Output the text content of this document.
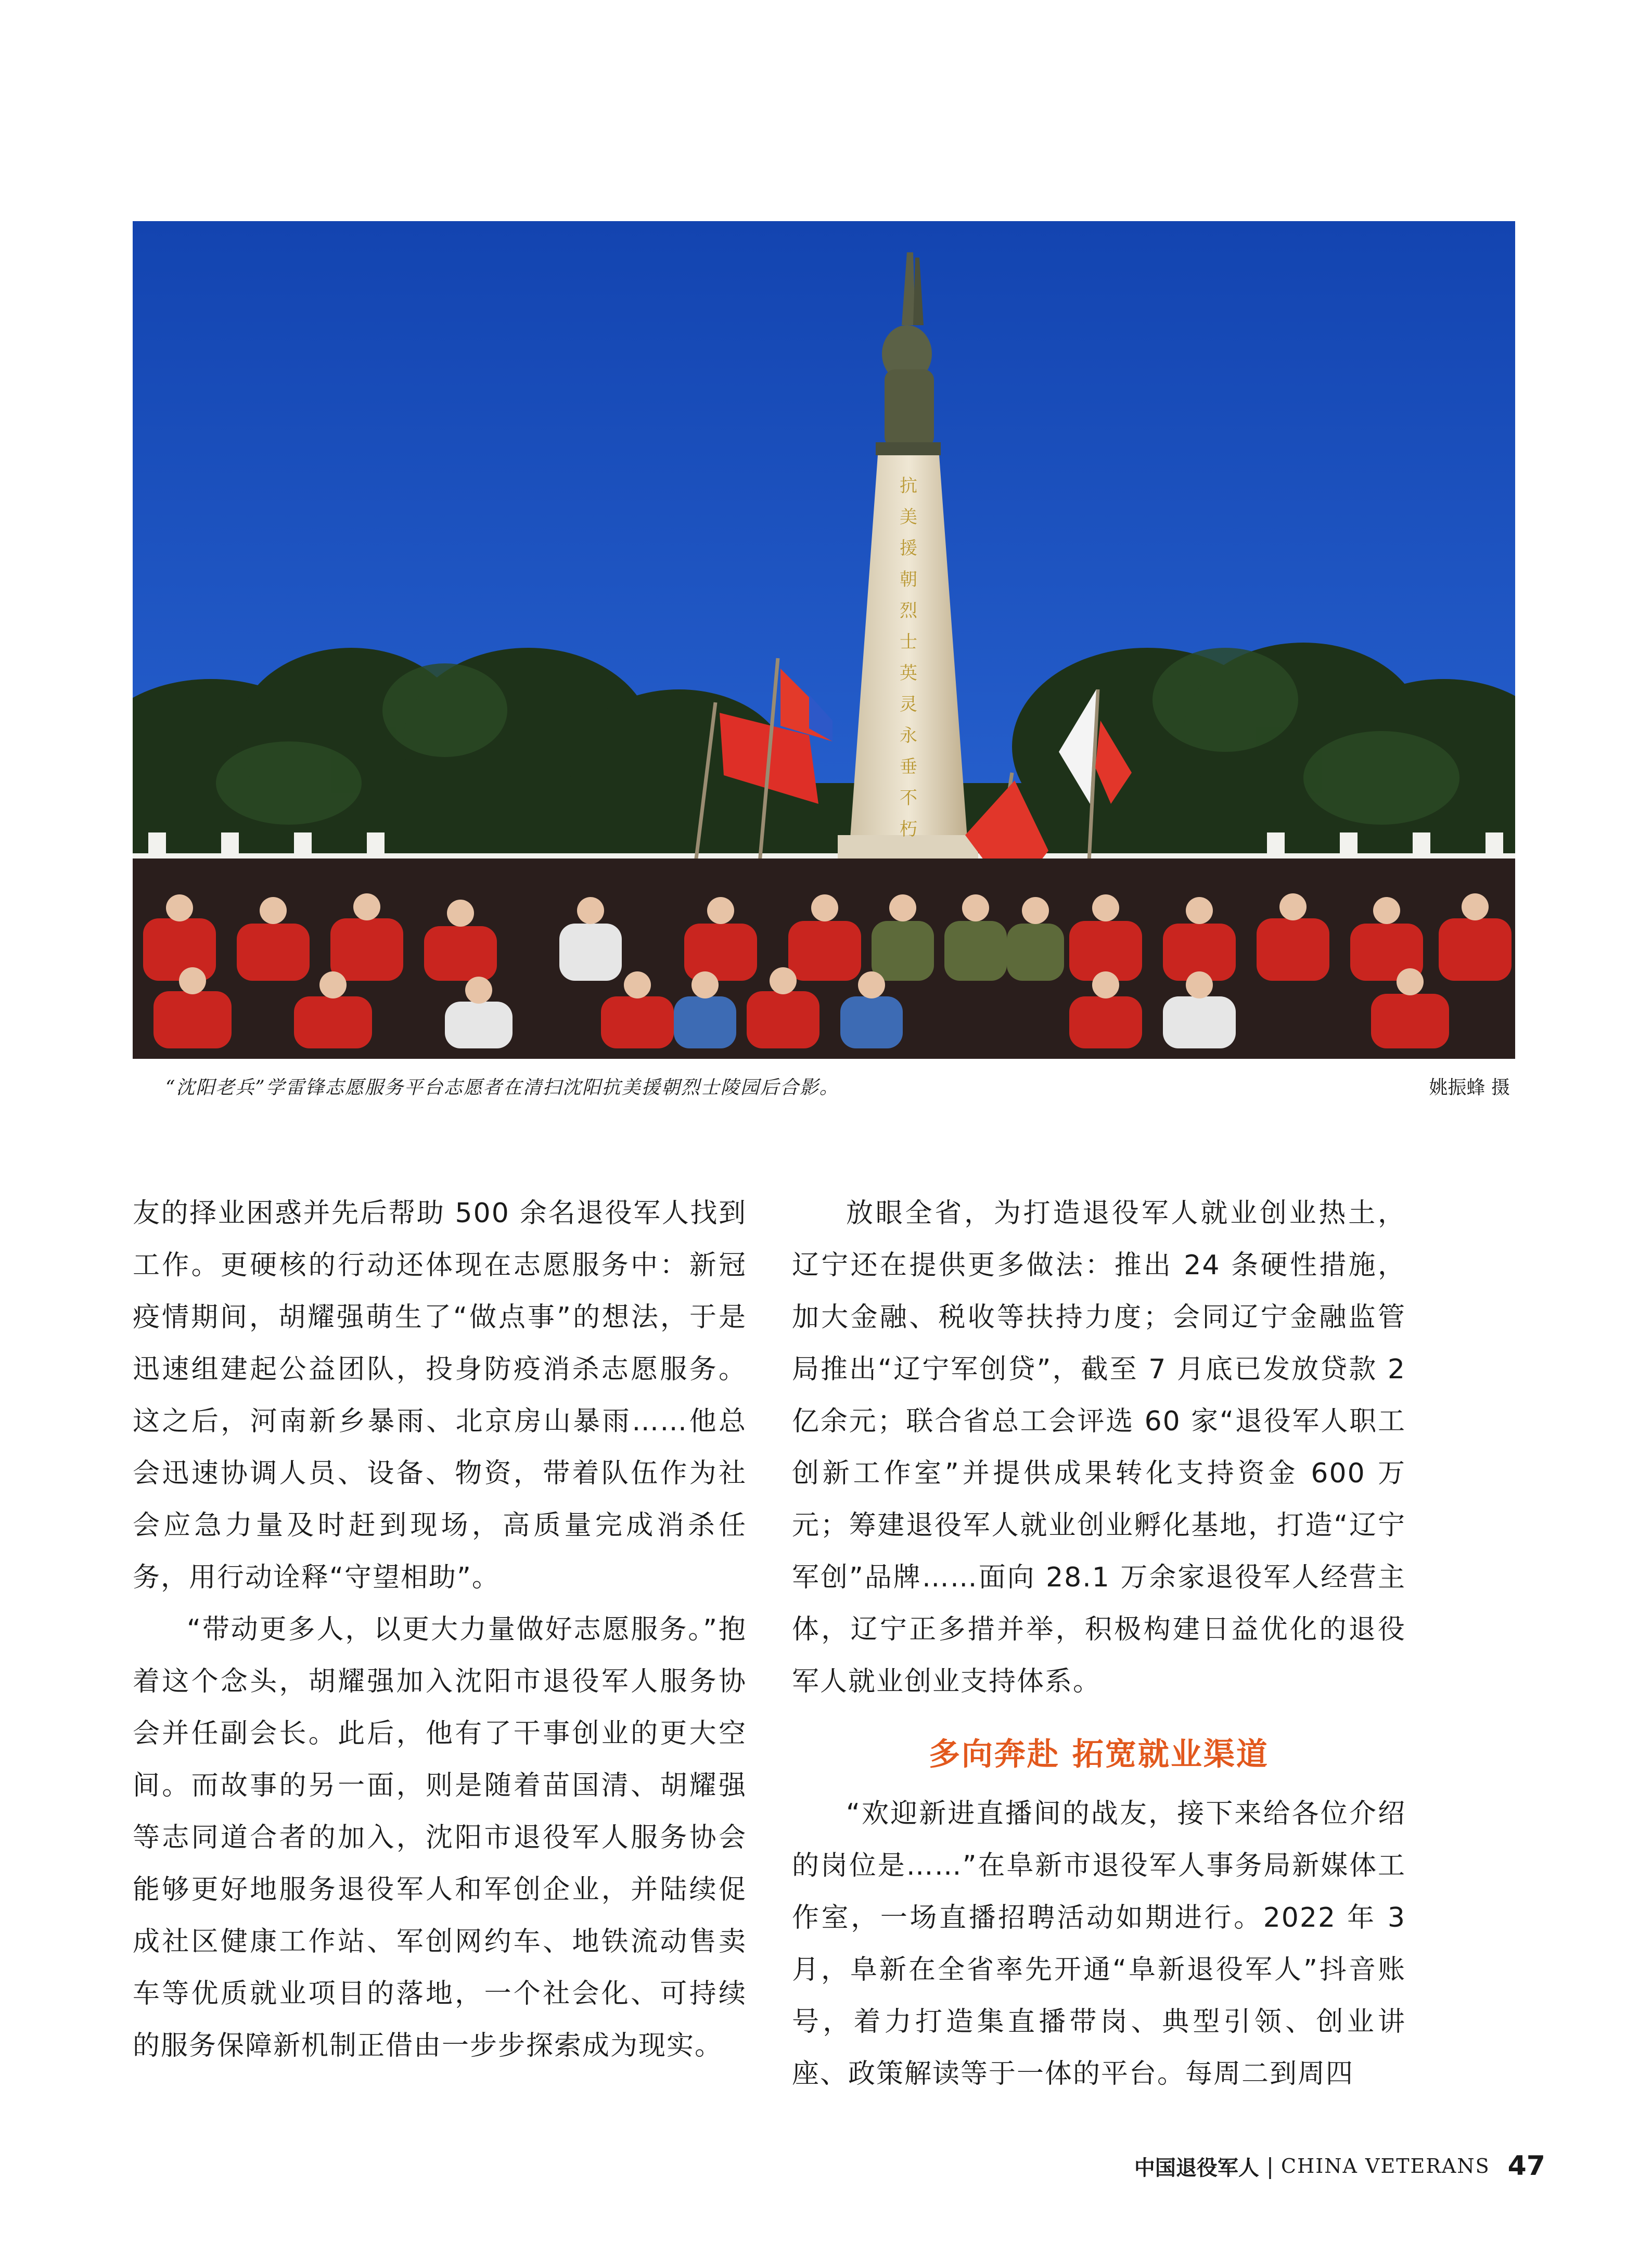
抗
美
援
朝
烈
士
英
灵
永
垂
不
朽
“沈阳老兵”学雷锋志愿服务平台志愿者在清扫沈阳抗美援朝烈士陵园后合影。	姚振蜂 摄

友的择业困惑并先后帮助 500 余名退役军人找到工作。更硬核的行动还体现在志愿服务中：新冠疫情期间，胡耀强萌生了“做点事”的想法，于是迅速组建起公益团队，投身防疫消杀志愿服务。这之后，河南新乡暴雨、北京房山暴雨……他总会迅速协调人员、设备、物资，带着队伍作为社会应急力量及时赶到现场，高质量完成消杀任务，用行动诠释“守望相助”。

“带动更多人，以更大力量做好志愿服务。”抱着这个念头，胡耀强加入沈阳市退役军人服务协会并任副会长。此后，他有了干事创业的更大空间。而故事的另一面，则是随着苗国清、胡耀强等志同道合者的加入，沈阳市退役军人服务协会能够更好地服务退役军人和军创企业，并陆续促成社区健康工作站、军创网约车、地铁流动售卖车等优质就业项目的落地，一个社会化、可持续的服务保障新机制正借由一步步探索成为现实。

放眼全省，为打造退役军人就业创业热土，辽宁还在提供更多做法：推出 24 条硬性措施，加大金融、税收等扶持力度；会同辽宁金融监管局推出“辽宁军创贷”，截至 7 月底已发放贷款 2 亿余元；联合省总工会评选 60 家“退役军人职工创新工作室”并提供成果转化支持资金 600 万元；筹建退役军人就业创业孵化基地，打造“辽宁军创”品牌……面向 28.1 万余家退役军人经营主体，辽宁正多措并举，积极构建日益优化的退役军人就业创业支持体系。

多向奔赴 拓宽就业渠道

“欢迎新进直播间的战友，接下来给各位介绍的岗位是……”在阜新市退役军人事务局新媒体工作室，一场直播招聘活动如期进行。2022 年 3 月，阜新在全省率先开通“阜新退役军人”抖音账号，着力打造集直播带岗、典型引领、创业讲座、政策解读等于一体的平台。每周二到周四

中国退役军人 | CHINA VETERANS 47
